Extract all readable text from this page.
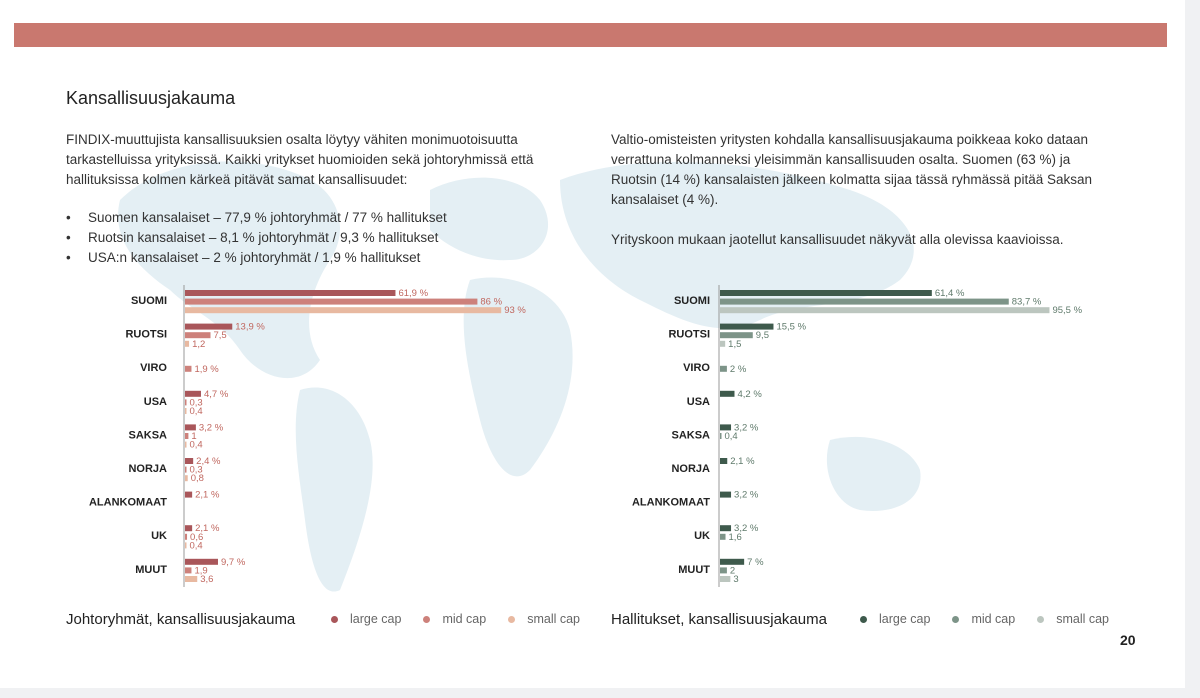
Kansallisuusjakauma

FINDIX-muuttujista kansallisuuksien osalta löytyy vähiten monimuotoisuutta tarkastelluissa yrityksissä. Kaikki yritykset huomioiden sekä johtoryhmissä että hallituksissa kolmen kärkeä pitävät samat kansallisuudet:

• Suomen kansalaiset – 77,9 % johtoryhmät / 77 % hallitukset
• Ruotsin kansalaiset – 8,1 % johtoryhmät / 9,3 % hallitukset
• USA:n kansalaiset – 2 % johtoryhmät / 1,9 % hallitukset
Valtio-omisteisten yritysten kohdalla kansallisuusjakauma poikkeaa koko dataan verrattuna kolmanneksi yleisimmän kansallisuuden osalta. Suomen (63 %) ja Ruotsin (14 %) kansalaisten jälkeen kolmatta sijaa tässä ryhmässä pitää Saksan kansalaiset (4 %).
Yrityskoon mukaan jaotellut kansallisuudet näkyvät alla olevissa kaavioissa.
SUOMI
61,9 %
86 %
93 %
RUOTSI
13,9 %
7,5
1,2
VIRO	1,9 %
USA
4,7 %
0,3
0,4
SAKSA
3,2 %
1
0,4
NORJA
2,4 %
0,3
0,8
ALANKOMAAT
2,1 %
UK
2,1 %
0,6
0,4
MUUT
9,7 %
1,9
3,6
SUOMI
61,4 %
83,7 %
95,5 %
RUOTSI
15,5 %
9,5
1,5
VIRO 2 %
USA
4,2 %
SAKSA
3,2 %
0,4
NORJA
2,1 %
ALANKOMAAT
3,2 %
UK
3,2 %
1,6
MUUT
7 %
2
3
Johtoryhmät, kansallisuusjakauma	large cap	mid cap	small cap Hallitukset, kansallisuusjakauma	large cap	mid cap	small cap
20
